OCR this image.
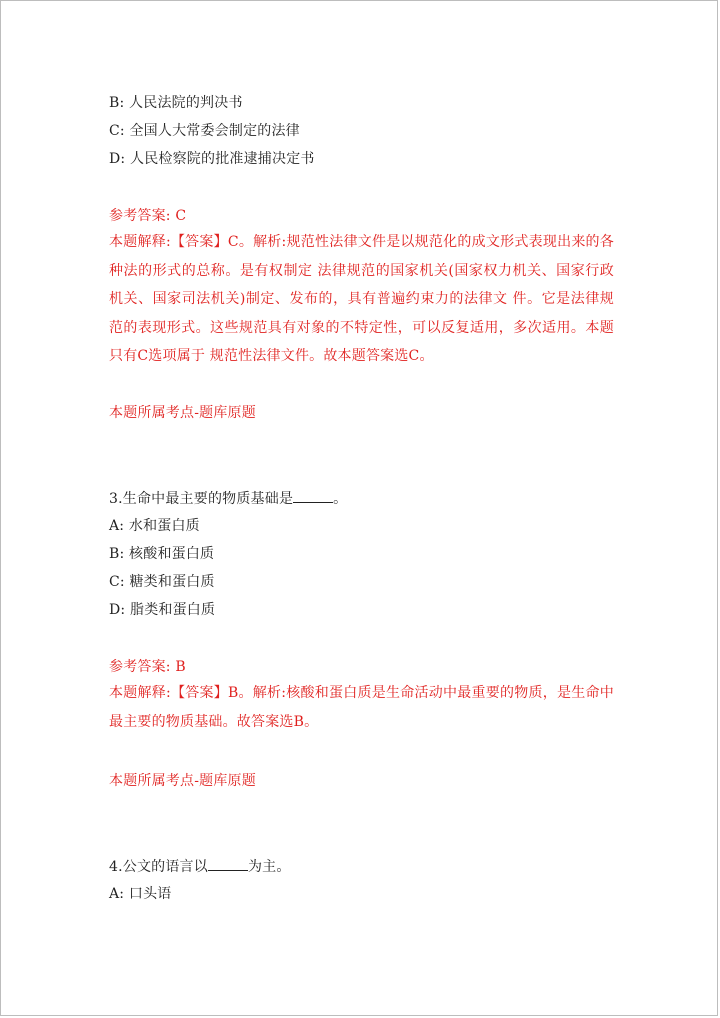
B: 人民法院的判决书
C: 全国人大常委会制定的法律
D: 人民检察院的批准逮捕决定书
参考答案: C
本题解释:【答案】C。解析:规范性法律文件是以规范化的成文形式表现出来的各种法的形式的总称。是有权制定 法律规范的国家机关(国家权力机关、国家行政机关、国家司法机关)制定、发布的，具有普遍约束力的法律文 件。它是法律规范的表现形式。这些规范具有对象的不特定性，可以反复适用，多次适用。本题只有C选项属于 规范性法律文件。故本题答案选C。
本题所属考点-题库原题
3.生命中最主要的物质基础是	。
A: 水和蛋白质
B: 核酸和蛋白质
C: 糖类和蛋白质
D: 脂类和蛋白质
参考答案: B
本题解释:【答案】B。解析:核酸和蛋白质是生命活动中最重要的物质，是生命中最主要的物质基础。故答案选B。
本题所属考点-题库原题
4.公文的语言以	为主。
A: 口头语
